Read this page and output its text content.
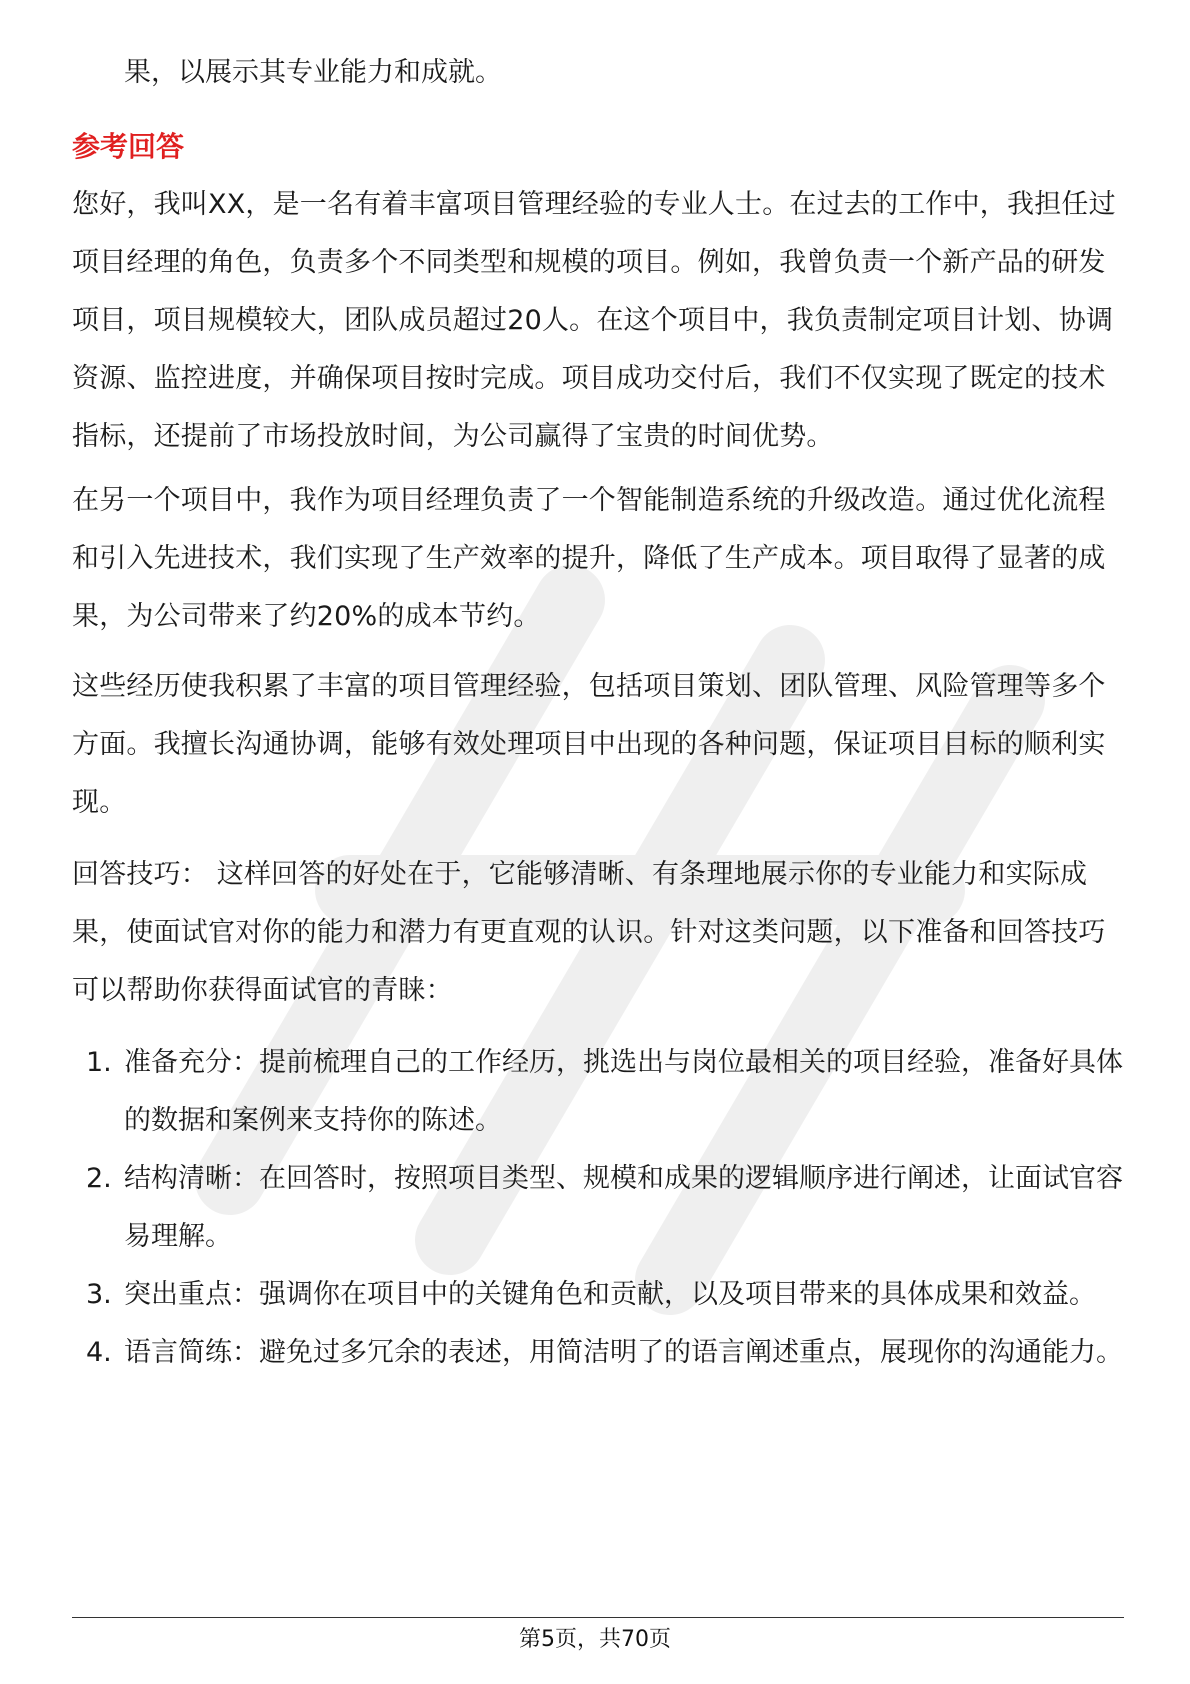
果，以展示其专业能力和成就。
参考回答
您好，我叫XX，是一名有着丰富项目管理经验的专业人士。在过去的工作中，我担任过项目经理的角色，负责多个不同类型和规模的项目。例如，我曾负责一个新产品的研发项目，项目规模较大，团队成员超过20人。在这个项目中，我负责制定项目计划、协调资源、监控进度，并确保项目按时完成。项目成功交付后，我们不仅实现了既定的技术指标，还提前了市场投放时间，为公司赢得了宝贵的时间优势。
在另一个项目中，我作为项目经理负责了一个智能制造系统的升级改造。通过优化流程和引入先进技术，我们实现了生产效率的提升，降低了生产成本。项目取得了显著的成果，为公司带来了约20%的成本节约。
这些经历使我积累了丰富的项目管理经验，包括项目策划、团队管理、风险管理等多个方面。我擅长沟通协调，能够有效处理项目中出现的各种问题，保证项目目标的顺利实现。
回答技巧： 这样回答的好处在于，它能够清晰、有条理地展示你的专业能力和实际成果，使面试官对你的能力和潜力有更直观的认识。针对这类问题，以下准备和回答技巧可以帮助你获得面试官的青睐：
1. 准备充分：提前梳理自己的工作经历，挑选出与岗位最相关的项目经验，准备好具体的数据和案例来支持你的陈述。
2. 结构清晰：在回答时，按照项目类型、规模和成果的逻辑顺序进行阐述，让面试官容易理解。
3. 突出重点：强调你在项目中的关键角色和贡献，以及项目带来的具体成果和效益。
4. 语言简练：避免过多冗余的表述，用简洁明了的语言阐述重点，展现你的沟通能力。
第5页，共70页
